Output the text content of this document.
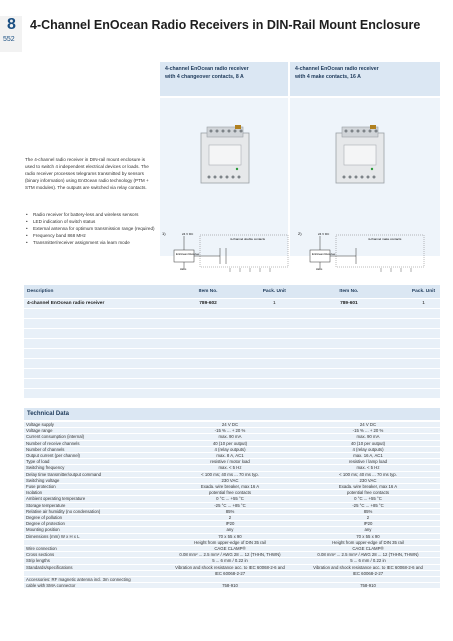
8
552
4-Channel EnOcean Radio Receivers in DIN-Rail Mount Enclosure
4-channel EnOcean radio receiver
with 4 changeover contacts, 8 A
4-channel EnOcean radio receiver
with 4 make contacts, 16 A
The 4-channel radio receiver in DIN-rail mount enclosure is used to switch 4 independent electrical devices or loads. The radio receiver processes telegrams transmitted by sensors (binary information) using EnOcean radio technology (PTM + STM modules). The outputs are switched via relay contacts.
• Radio receiver for battery-less and wireless sensors
• LED indication of switch status
• External antenna for optimum transmission range (required)
• Frequency band 868 MHz
• Transmitter/receiver assignment via learn mode
1)	24 V DC
4-channel double contacts
EnOcean Receiver
LEDs
2)	24 V DC
4-channel make contacts
EnOcean Receiver
LEDs
Description	Item No.	Pack. Unit	Item No.	Pack. Unit
4-channel EnOcean radio receiver	789-602	1	789-601	1

Technical Data
Voltage supply	24 V DC	24 V DC
Voltage range	-15 % ... + 20 %	-15 % ... + 20 %
Current consumption (internal)	max. 90 mA	max. 90 mA
Number of receive channels	40 (10 per output)	40 (10 per output)
Number of channels	4 (relay outputs)	4 (relay outputs)
Output current (per channel)	max. 8 A, AC1	max. 16 A, AC1
Type of load	resistive / motor load	resistive / lamp load
Switching frequency	max. < 5 Hz	max. < 5 Hz
Delay time transmitter/output command	< 100 ms; 40 ms ... 70 ms typ.	< 100 ms; 40 ms ... 70 ms typ.
Switching voltage	230 VAC	230 VAC
Fuse protection	Exada. wire breaker, max 16 A	Exada. wire breaker, max 16 A
Isolation	potential free contacts	potential free contacts
Ambient operating temperature	0 °C ... +55 °C	0 °C ... +55 °C
Storage temperature	-25 °C ... +85 °C	-25 °C ... +85 °C
Relative air humidity (no condensation)	85%	85%
Degree of pollution	2	2
Degree of protection	IP20	IP20
Mounting position	any	any
Dimensions (mm) W x H x L	70 x 55 x 90	70 x 55 x 90
	Height from upper-edge of DIN 35 rail	Height from upper-edge of DIN 35 rail
Wire connection	CAGE CLAMP®	CAGE CLAMP®
Cross sections	0.08 mm² ... 2.5 mm² / AWG 28 ... 12 (THHN, THWN)	0.08 mm² ... 2.5 mm² / AWG 28 ... 12 (THHN, THWN)
Strip lengths	5 ... 6 mm / 0.22 in	5 ... 6 mm / 0.22 in
Standards/specifications	Vibration and shock resistance acc. to IEC 60068-2-6 and	Vibration and shock resistance acc. to IEC 60068-2-6 and
	IEC 60068-2-27	IEC 60068-2-27
Accessories: RF magnetic antenna incl. 3m connecting		
cable with SMA connector	758-910	758-910
